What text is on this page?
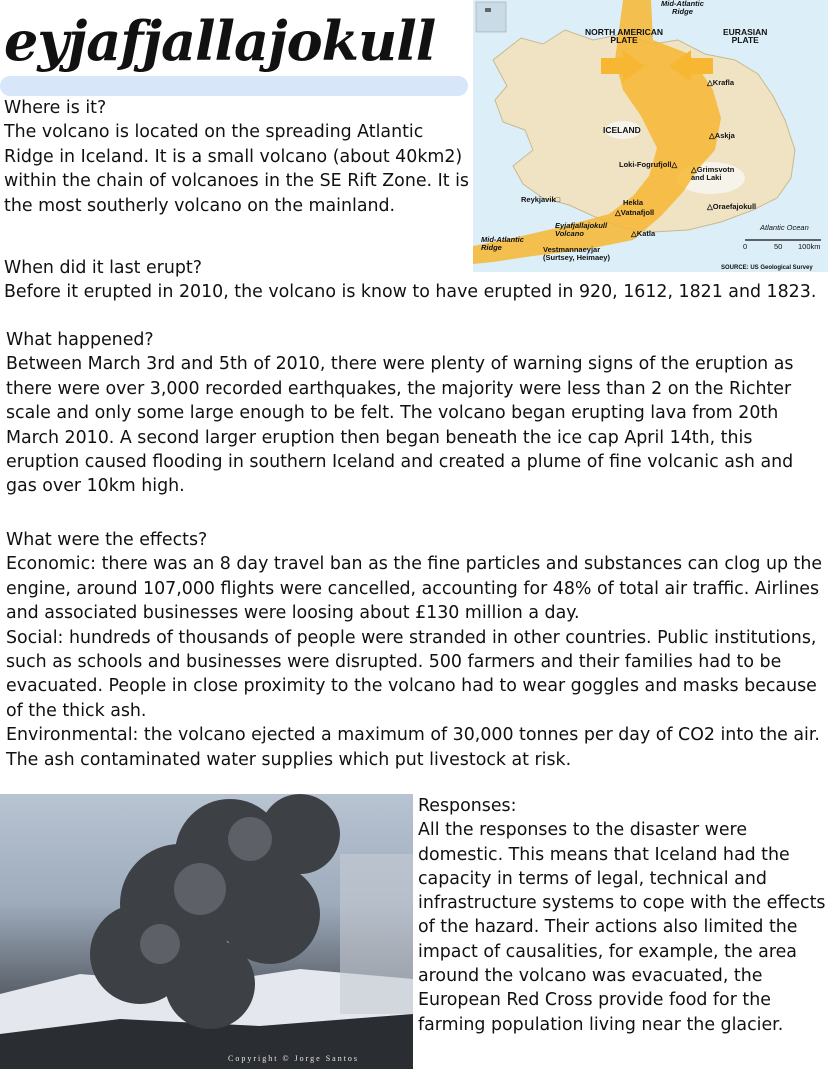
eyjafjallajokull

Where is it?

The volcano is located on the spreading Atlantic Ridge in Iceland. It is a small volcano (about 40km2) within the chain of volcanoes in the SE Rift Zone. It is the most southerly volcano on the mainland.

Mid-Atlantic
Ridge
NORTH AMERICAN
PLATE
EURASIAN
PLATE
△Krafla
ICELAND
△Askja
Loki-Fogrufjoll△
△Grimsvotn
and Laki
Reykjavik□	Hekla
△Vatnafjoll
△Oraefajokull
Eyjafjallajokull
Volcano	△Katla
Atlantic Ocean
Mid-Atlantic
Ridge	Vestmannaeyjar
(Surtsey, Heimaey)
0	50 100km
SOURCE: US Geological Survey

When did it last erupt?

Before it erupted in 2010, the volcano is know to have erupted in 920, 1612, 1821 and 1823.

What happened?

Between March 3rd and 5th of 2010, there were plenty of warning signs of the eruption as there were over 3,000 recorded earthquakes, the majority were less than 2 on the Richter scale and only some large enough to be felt. The volcano began erupting lava from 20th March 2010. A second larger eruption then began beneath the ice cap April 14th, this eruption caused flooding in southern Iceland and created a plume of fine volcanic ash and gas over 10km high.

What were the effects?

Economic: there was an 8 day travel ban as the fine particles and substances can clog up the engine, around 107,000 flights were cancelled, accounting for 48% of total air traffic. Airlines and associated businesses were loosing about £130 million a day.

Social: hundreds of thousands of people were stranded in other countries. Public institutions, such as schools and businesses were disrupted. 500 farmers and their families had to be evacuated. People in close proximity to the volcano had to wear goggles and masks because of the thick ash.

Environmental: the volcano ejected a maximum of 30,000 tonnes per day of CO2 into the air. The ash contaminated water supplies which put livestock at risk.

Copyright © Jorge Santos

Responses:

All the responses to the disaster were domestic. This means that Iceland had the capacity in terms of legal, technical and infrastructure systems to cope with the effects of the hazard. Their actions also limited the impact of causalities, for example, the area around the volcano was evacuated, the European Red Cross provide food for the farming population living near the glacier.
